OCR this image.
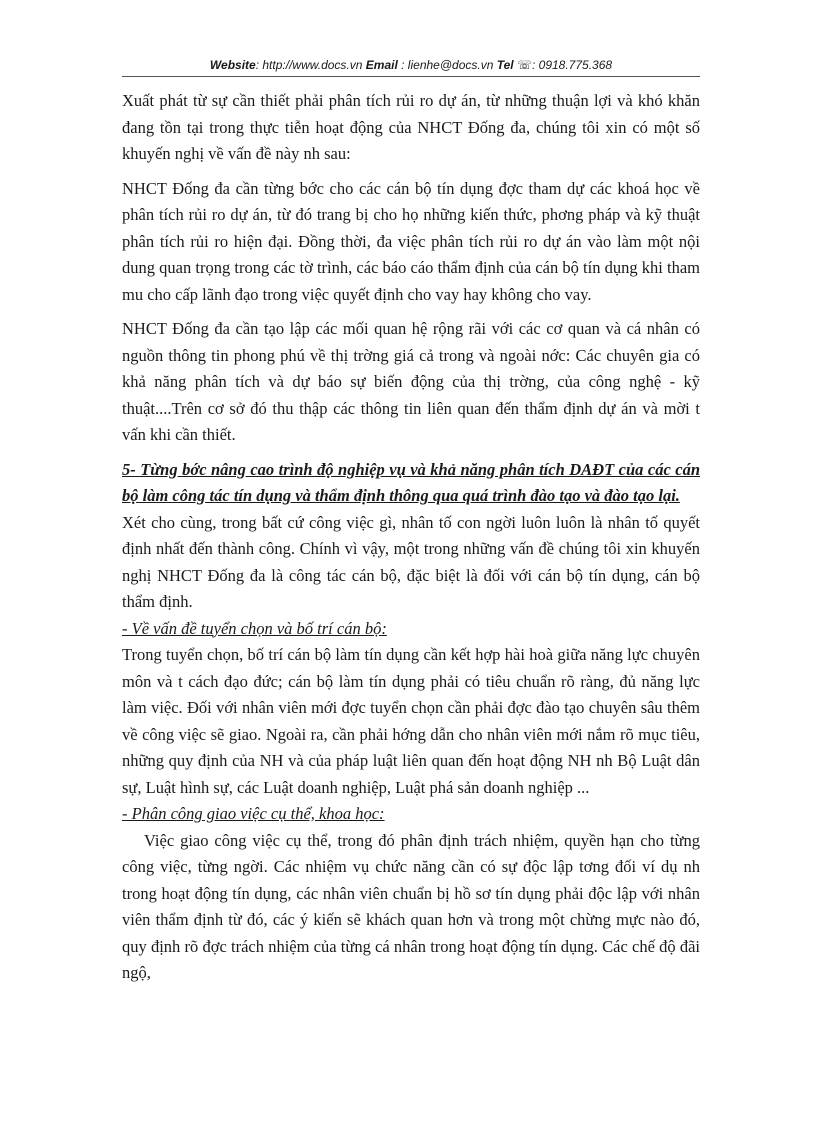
Website: http://www.docs.vn Email : lienhe@docs.vn Tel ☏: 0918.775.368

Xuất phát từ sự cần thiết phải phân tích rủi ro dự án, từ những thuận lợi và khó khăn đang tồn tại trong thực tiễn hoạt động của NHCT Đống đa, chúng tôi xin có một số khuyến nghị về vấn đề này nh sau:

NHCT Đống đa cần từng bớc cho các cán bộ tín dụng đợc tham dự các khoá học về phân tích rủi ro dự án, từ đó trang bị cho họ những kiến thức, phơng pháp và kỹ thuật phân tích rủi ro hiện đại. Đồng thời, đa việc phân tích rủi ro dự án vào làm một nội dung quan trọng trong các tờ trình, các báo cáo thẩm định của cán bộ tín dụng khi tham mu cho cấp lãnh đạo trong việc quyết định cho vay hay không cho vay.

NHCT Đống đa cần tạo lập các mối quan hệ rộng rãi với các cơ quan và cá nhân có nguồn thông tin phong phú về thị trờng giá cả trong và ngoài nớc: Các chuyên gia có khả năng phân tích và dự báo sự biến động của thị trờng, của công nghệ - kỹ thuật....Trên cơ sở đó thu thập các thông tin liên quan đến thẩm định dự án và mời t vấn khi cần thiết.

5- Từng bớc nâng cao trình độ nghiệp vụ và khả năng phân tích DAĐT của các cán bộ làm công tác tín dụng và thẩm định thông qua quá trình đào tạo và đào tạo lại.

Xét cho cùng, trong bất cứ công việc gì, nhân tố con ngời luôn luôn là nhân tố quyết định nhất đến thành công. Chính vì vậy, một trong những vấn đề chúng tôi xin khuyến nghị NHCT Đống đa là công tác cán bộ, đặc biệt là đối với cán bộ tín dụng, cán bộ thẩm định.

- Về vấn đề tuyển chọn và bố trí cán bộ:

Trong tuyển chọn, bố trí cán bộ làm tín dụng cần kết hợp hài hoà giữa năng lực chuyên môn và t cách đạo đức; cán bộ làm tín dụng phải có tiêu chuẩn rõ ràng, đủ năng lực làm việc. Đối với nhân viên mới đợc tuyển chọn cần phải đợc đào tạo chuyên sâu thêm về công việc sẽ giao. Ngoài ra, cần phải hớng dẫn cho nhân viên mới nắm rõ mục tiêu, những quy định của NH và của pháp luật liên quan đến hoạt động NH nh Bộ Luật dân sự, Luật hình sự, các Luật doanh nghiệp, Luật phá sản doanh nghiệp ...

- Phân công giao việc cụ thể, khoa học:

Việc giao công việc cụ thể, trong đó phân định trách nhiệm, quyền hạn cho từng công việc, từng ngời. Các nhiệm vụ chức năng cần có sự độc lập tơng đối ví dụ nh trong hoạt động tín dụng, các nhân viên chuẩn bị hồ sơ tín dụng phải độc lập với nhân viên thẩm định từ đó, các ý kiến sẽ khách quan hơn và trong một chừng mực nào đó, quy định rõ đợc trách nhiệm của từng cá nhân trong hoạt động tín dụng. Các chế độ đãi ngộ,
